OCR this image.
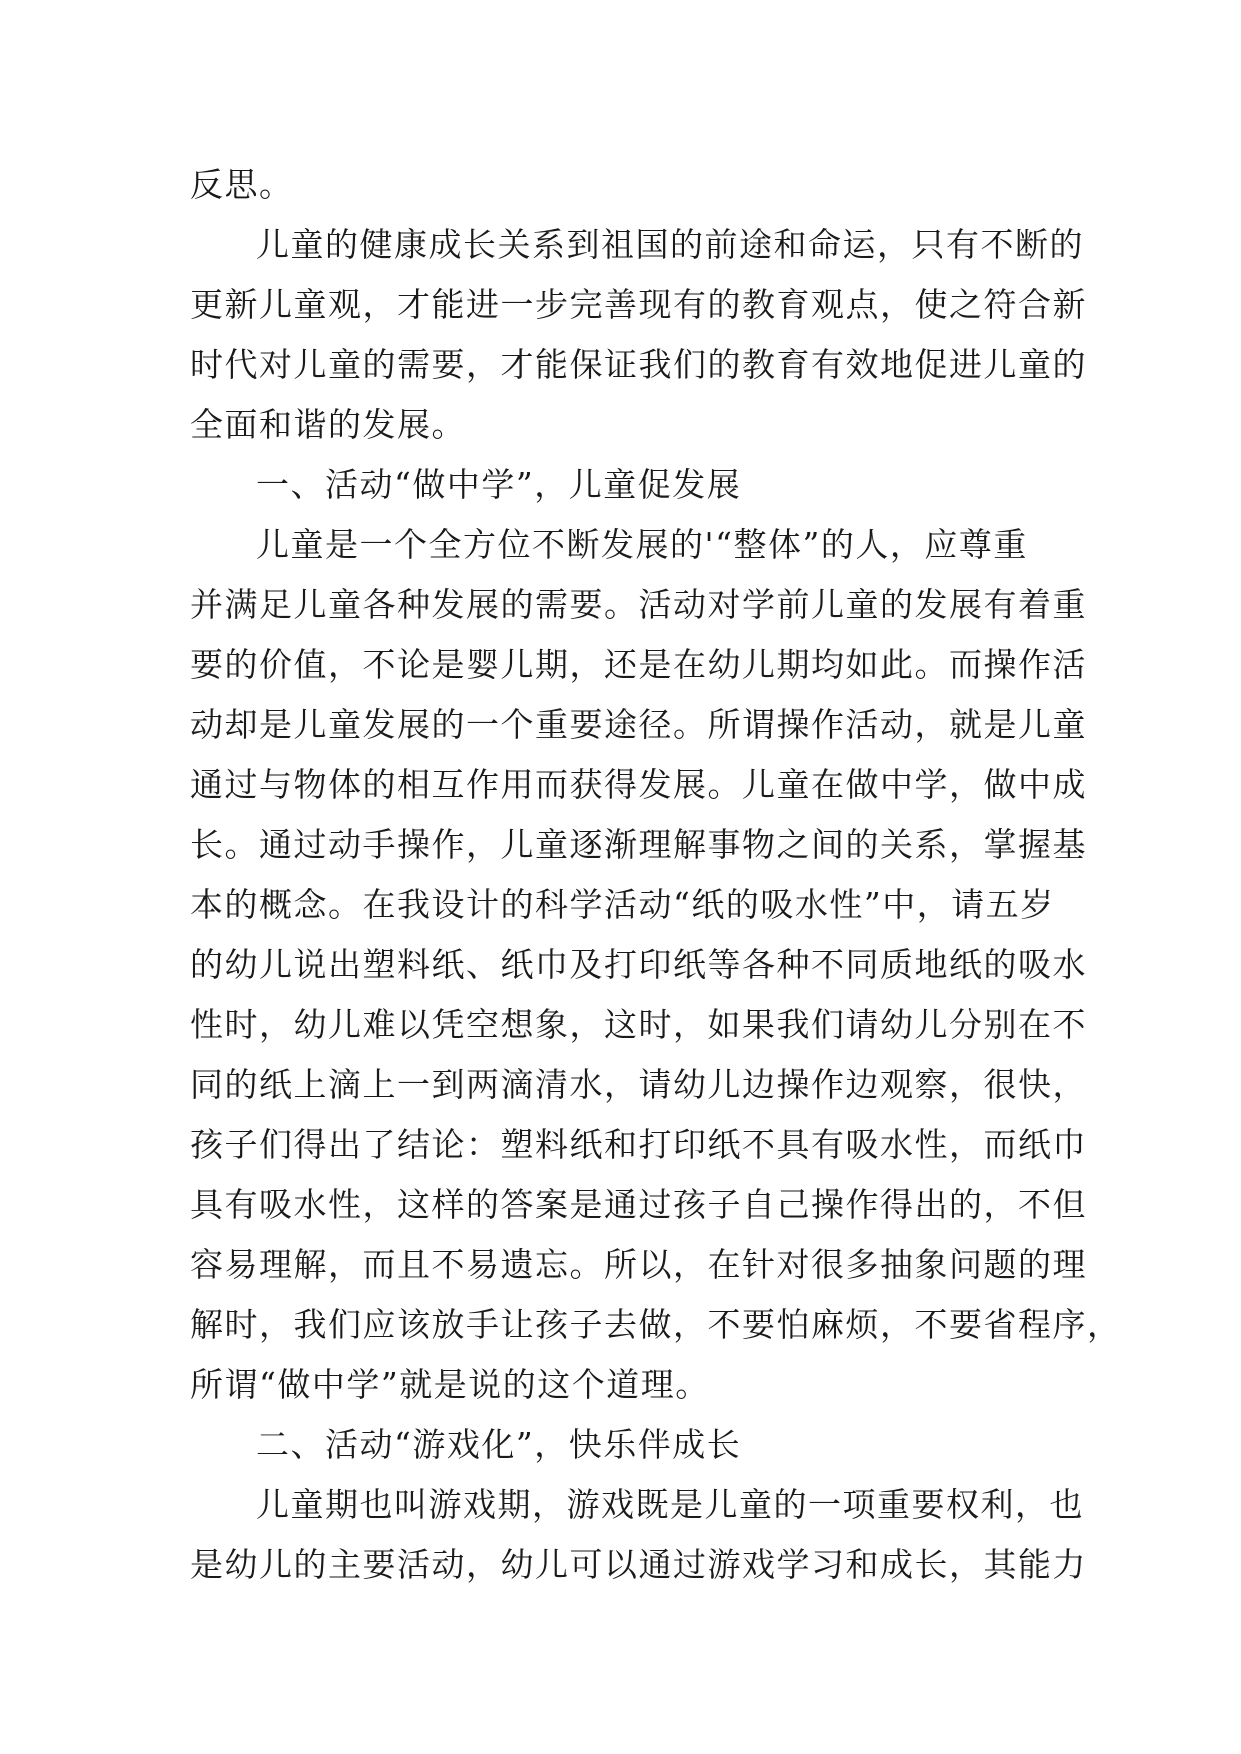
反思。
儿童的健康成长关系到祖国的前途和命运，只有不断的
更新儿童观，才能进一步完善现有的教育观点，使之符合新
时代对儿童的需要，才能保证我们的教育有效地促进儿童的
全面和谐的发展。
一、活动“做中学”，儿童促发展
儿童是一个全方位不断发展的'“整体”的人，应尊重
并满足儿童各种发展的需要。活动对学前儿童的发展有着重
要的价值，不论是婴儿期，还是在幼儿期均如此。而操作活
动却是儿童发展的一个重要途径。所谓操作活动，就是儿童
通过与物体的相互作用而获得发展。儿童在做中学，做中成
长。通过动手操作，儿童逐渐理解事物之间的关系，掌握基
本的概念。在我设计的科学活动“纸的吸水性”中，请五岁
的幼儿说出塑料纸、纸巾及打印纸等各种不同质地纸的吸水
性时，幼儿难以凭空想象，这时，如果我们请幼儿分别在不
同的纸上滴上一到两滴清水，请幼儿边操作边观察，很快，
孩子们得出了结论：塑料纸和打印纸不具有吸水性，而纸巾
具有吸水性，这样的答案是通过孩子自己操作得出的，不但
容易理解，而且不易遗忘。所以，在针对很多抽象问题的理
解时，我们应该放手让孩子去做，不要怕麻烦，不要省程序，
所谓“做中学”就是说的这个道理。
二、活动“游戏化”，快乐伴成长
儿童期也叫游戏期，游戏既是儿童的一项重要权利，也
是幼儿的主要活动，幼儿可以通过游戏学习和成长，其能力
